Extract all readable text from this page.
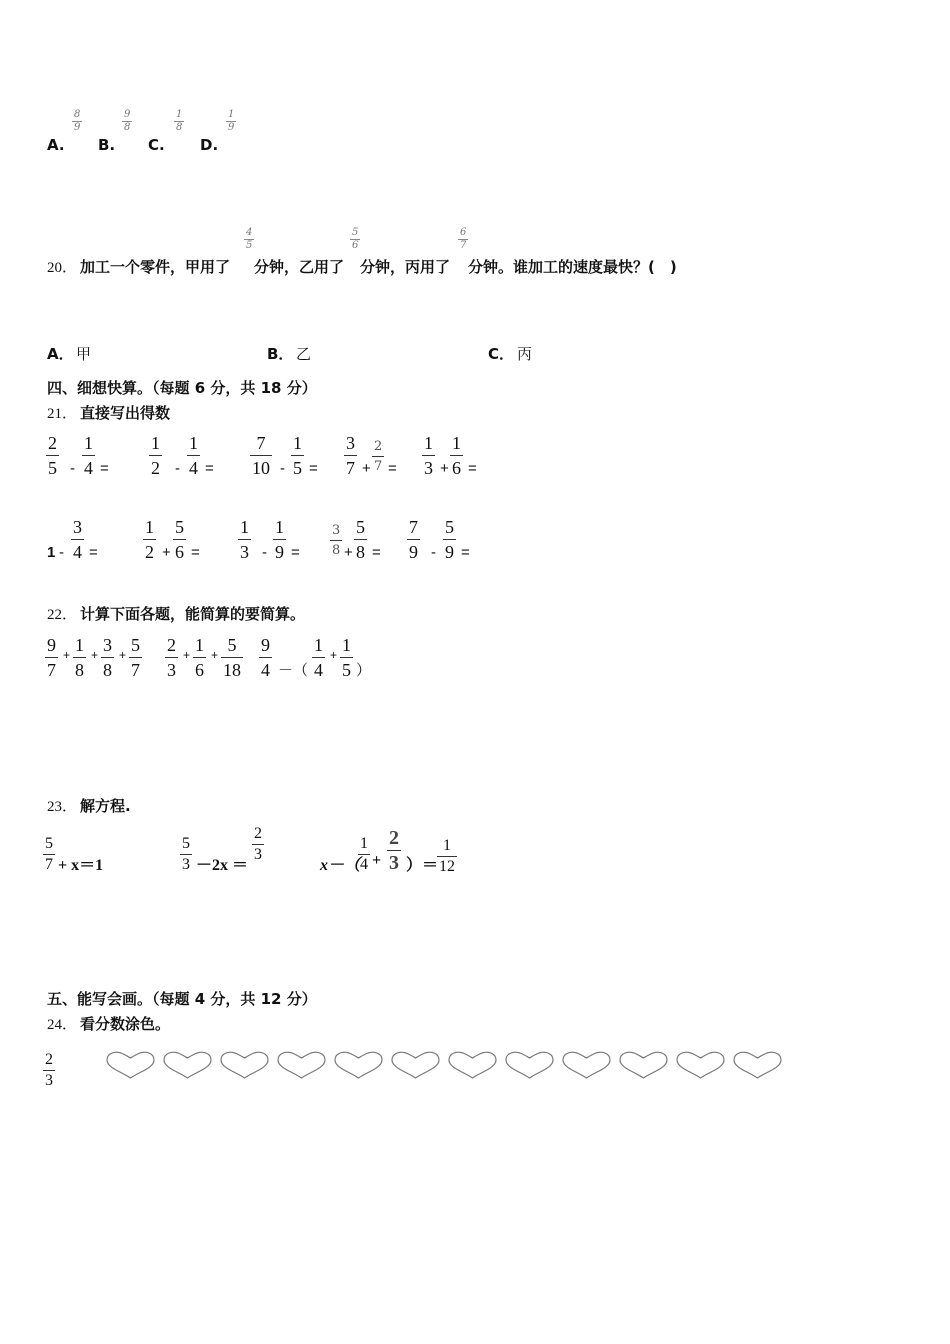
A.
8
9
B.
9
8
C.
1
8
D.
1
9
20． 加工一个零件，甲用了
4
5
分钟，乙用了
5
6
分钟，丙用了
6
7
分钟。谁加工的速度最快？(　)
A． 甲	B． 乙	C． 丙
四、细想快算。（每题 6 分，共 18 分）
21． 直接写出得数
2
5 -
1
4 =
1
2 -
1
4 =
7
10 -
1
5 =
3
7 +
2
7 =
1
3 +
1
6 =
1 -
3
4 =
1
2 +
5
6 =
1
3 -
1
9 =
3
8 +
5
8 =
7
9 -
5
9 =
22． 计算下面各题，能简算的要简算。
9
7
+ 1
8
+ 3
8
+ 5
7
2
3
+ 1
6
+ 5
18
9
4 －（
1
4
+ 1
5 ）
23． 解方程.
5
7 + x＝1
5
3 －2x ＝
2
3
x－（
1
4 +
2
3 ）＝
1
12
五、能写会画。（每题 4 分，共 12 分）
24． 看分数涂色。
2
3
